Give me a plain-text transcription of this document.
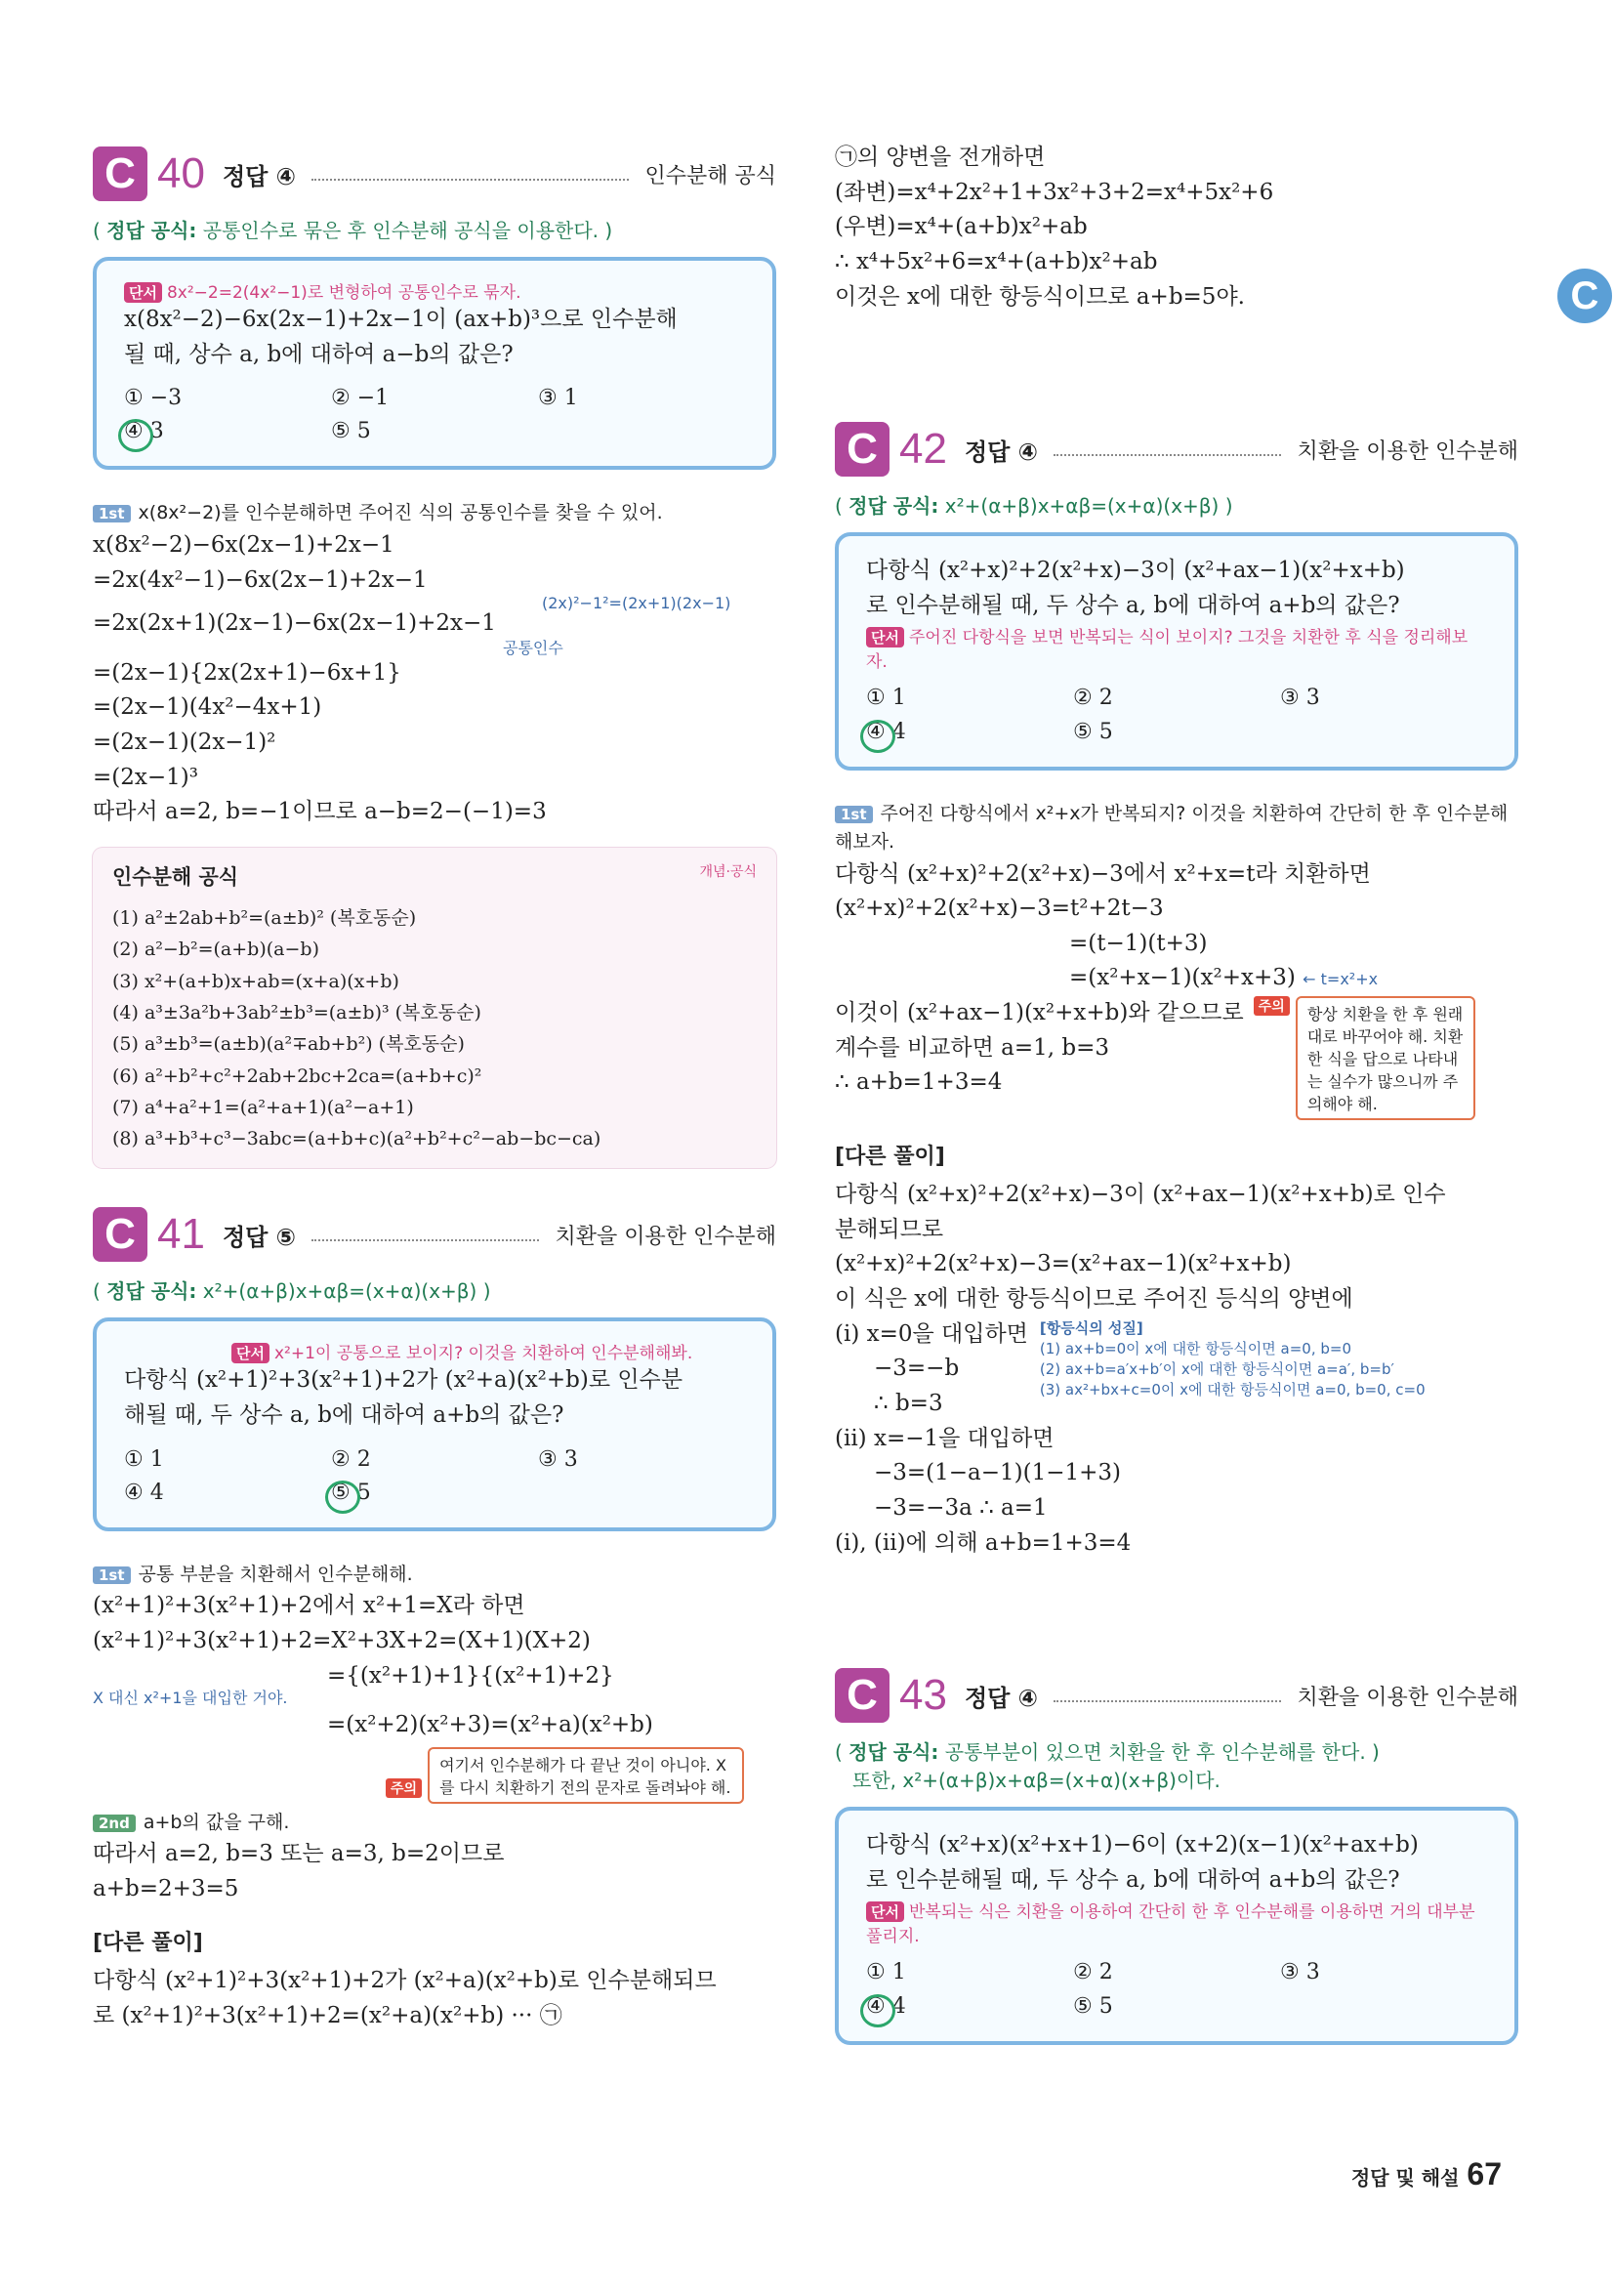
C 40 정답 ④	인수분해 공식
( 정답 공식: 공통인수로 묶은 후 인수분해 공식을 이용한다. )
단서 8x²−2=2(4x²−1)로 변형하여 공통인수로 묶자.
x(8x²−2)−6x(2x−1)+2x−1이 (ax+b)³으로 인수분해
될 때, 상수 a, b에 대하여 a−b의 값은?
① −3	② −1	③ 1
④ 3	⑤ 5
1st x(8x²−2)를 인수분해하면 주어진 식의 공통인수를 찾을 수 있어.
x(8x²−2)−6x(2x−1)+2x−1
=2x(4x²−1)−6x(2x−1)+2x−1
(2x)²−1²=(2x+1)(2x−1)
=2x(2x+1)(2x−1)−6x(2x−1)+2x−1
공통인수
=(2x−1){2x(2x+1)−6x+1}
=(2x−1)(4x²−4x+1)
=(2x−1)(2x−1)²
=(2x−1)³
따라서 a=2, b=−1이므로 a−b=2−(−1)=3
인수분해 공식	개념·공식
(1) a²±2ab+b²=(a±b)² (복호동순)
(2) a²−b²=(a+b)(a−b)
(3) x²+(a+b)x+ab=(x+a)(x+b)
(4) a³±3a²b+3ab²±b³=(a±b)³ (복호동순)
(5) a³±b³=(a±b)(a²∓ab+b²) (복호동순)
(6) a²+b²+c²+2ab+2bc+2ca=(a+b+c)²
(7) a⁴+a²+1=(a²+a+1)(a²−a+1)
(8) a³+b³+c³−3abc=(a+b+c)(a²+b²+c²−ab−bc−ca)
C 41 정답 ⑤	치환을 이용한 인수분해
( 정답 공식: x²+(α+β)x+αβ=(x+α)(x+β) )
단서 x²+1이 공통으로 보이지? 이것을 치환하여 인수분해해봐.
다항식 (x²+1)²+3(x²+1)+2가 (x²+a)(x²+b)로 인수분
해될 때, 두 상수 a, b에 대하여 a+b의 값은?
① 1	② 2	③ 3
④ 4	⑤ 5
1st 공통 부분을 치환해서 인수분해해.
(x²+1)²+3(x²+1)+2에서 x²+1=X라 하면
(x²+1)²+3(x²+1)+2=X²+3X+2=(X+1)(X+2)
={(x²+1)+1}{(x²+1)+2}
X 대신 x²+1을 대입한 거야.
=(x²+2)(x²+3)=(x²+a)(x²+b)
주의여기서 인수분해가 다 끝난 것이 아니야. X를 다시 치환하기 전의 문자로 돌려놔야 해.
2nd a+b의 값을 구해.
따라서 a=2, b=3 또는 a=3, b=2이므로
a+b=2+3=5
[다른 풀이]
다항식 (x²+1)²+3(x²+1)+2가 (x²+a)(x²+b)로 인수분해되므
로 (x²+1)²+3(x²+1)+2=(x²+a)(x²+b) ··· ㉠
㉠의 양변을 전개하면
(좌변)=x⁴+2x²+1+3x²+3+2=x⁴+5x²+6
(우변)=x⁴+(a+b)x²+ab
∴ x⁴+5x²+6=x⁴+(a+b)x²+ab
이것은 x에 대한 항등식이므로 a+b=5야.
C 42 정답 ④	치환을 이용한 인수분해
( 정답 공식: x²+(α+β)x+αβ=(x+α)(x+β) )
다항식 (x²+x)²+2(x²+x)−3이 (x²+ax−1)(x²+x+b)
로 인수분해될 때, 두 상수 a, b에 대하여 a+b의 값은?
단서 주어진 다항식을 보면 반복되는 식이 보이지? 그것을 치환한 후 식을 정리해보자.
① 1	② 2	③ 3
④ 4	⑤ 5
1st 주어진 다항식에서 x²+x가 반복되지? 이것을 치환하여 간단히 한 후 인수분해해보자.
다항식 (x²+x)²+2(x²+x)−3에서 x²+x=t라 치환하면
(x²+x)²+2(x²+x)−3=t²+2t−3
=(t−1)(t+3)
=(x²+x−1)(x²+x+3) ← t=x²+x
이것이 (x²+ax−1)(x²+x+b)와 같으므로
계수를 비교하면 a=1, b=3
∴ a+b=1+3=4
주의	항상 치환을 한 후 원래대로 바꾸어야 해. 치환한 식을 답으로 나타내는 실수가 많으니까 주의해야 해.
[다른 풀이]
다항식 (x²+x)²+2(x²+x)−3이 (x²+ax−1)(x²+x+b)로 인수
분해되므로
(x²+x)²+2(x²+x)−3=(x²+ax−1)(x²+x+b)
이 식은 x에 대한 항등식이므로 주어진 등식의 양변에
(i) x=0을 대입하면
−3=−b
∴ b=3
[항등식의 성질]
(1) ax+b=0이 x에 대한 항등식이면 a=0, b=0
(2) ax+b=a′x+b′이 x에 대한 항등식이면 a=a′, b=b′
(3) ax²+bx+c=0이 x에 대한 항등식이면 a=0, b=0, c=0
(ii) x=−1을 대입하면
−3=(1−a−1)(1−1+3)
−3=−3a ∴ a=1
(i), (ii)에 의해 a+b=1+3=4
C 43 정답 ④	치환을 이용한 인수분해
( 정답 공식: 공통부분이 있으면 치환을 한 후 인수분해를 한다. )
또한, x²+(α+β)x+αβ=(x+α)(x+β)이다.
다항식 (x²+x)(x²+x+1)−6이 (x+2)(x−1)(x²+ax+b)
로 인수분해될 때, 두 상수 a, b에 대하여 a+b의 값은?
단서 반복되는 식은 치환을 이용하여 간단히 한 후 인수분해를 이용하면 거의 대부분 풀리지.
① 1	② 2	③ 3
④ 4	⑤ 5
C
정답 및 해설 67
